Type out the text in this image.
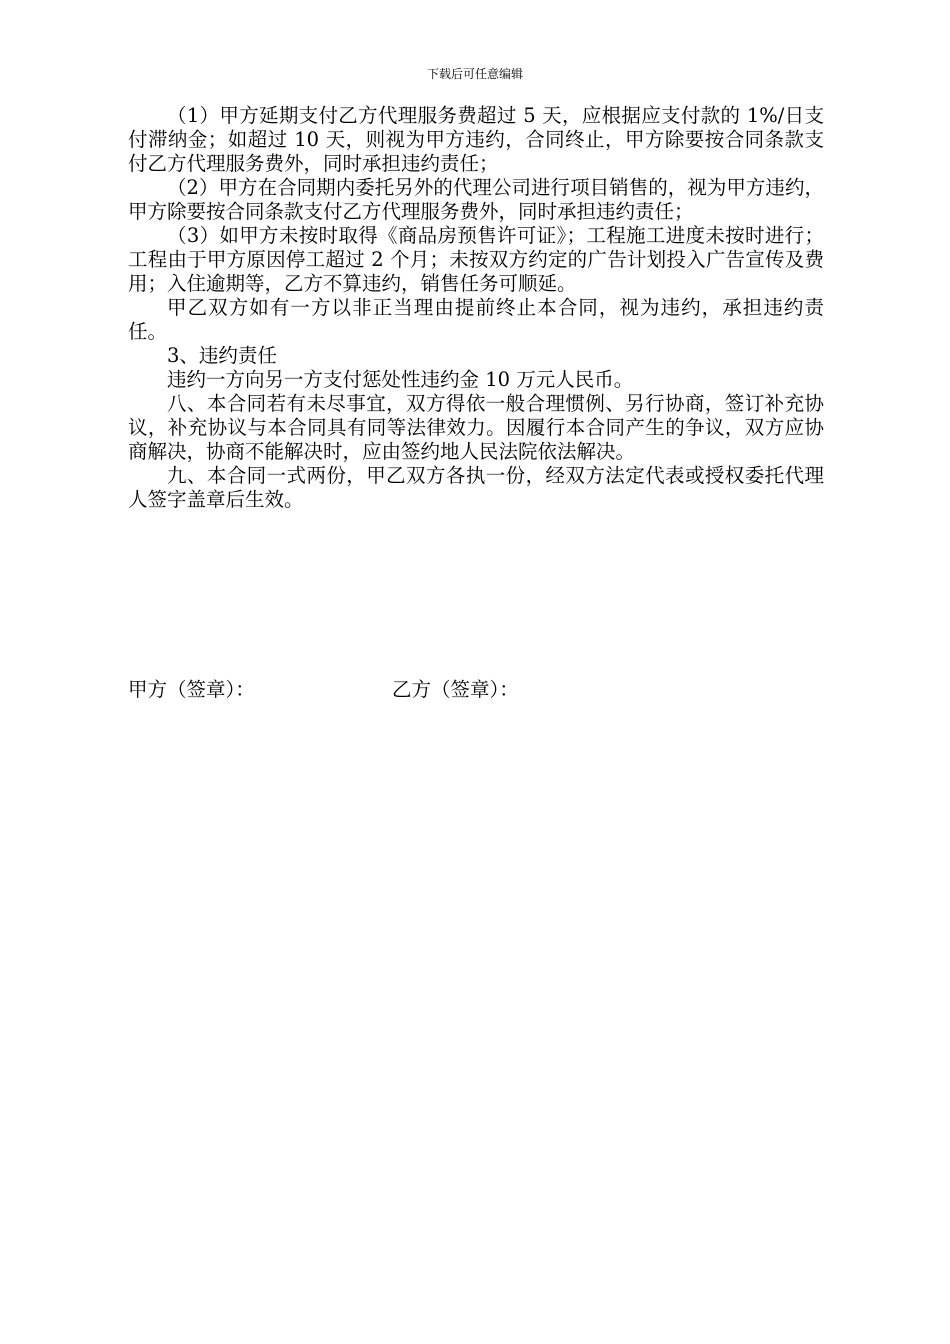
下载后可任意编辑

（1）甲方延期支付乙方代理服务费超过 5 天，应根据应支付款的 1%/日支付滞纳金；如超过 10 天，则视为甲方违约，合同终止，甲方除要按合同条款支付乙方代理服务费外，同时承担违约责任；

（2）甲方在合同期内委托另外的代理公司进行项目销售的，视为甲方违约，甲方除要按合同条款支付乙方代理服务费外，同时承担违约责任；

（3）如甲方未按时取得《商品房预售许可证》；工程施工进度未按时进行；工程由于甲方原因停工超过 2 个月；未按双方约定的广告计划投入广告宣传及费用；入住逾期等，乙方不算违约，销售任务可顺延。

甲乙双方如有一方以非正当理由提前终止本合同，视为违约，承担违约责任。

3、违约责任

违约一方向另一方支付惩处性违约金 10 万元人民币。

八、本合同若有未尽事宜，双方得依一般合理惯例、另行协商，签订补充协议，补充协议与本合同具有同等法律效力。因履行本合同产生的争议，双方应协商解决，协商不能解决时，应由签约地人民法院依法解决。

九、本合同一式两份，甲乙双方各执一份，经双方法定代表或授权委托代理人签字盖章后生效。

甲方（签章）：	乙方（签章）：
